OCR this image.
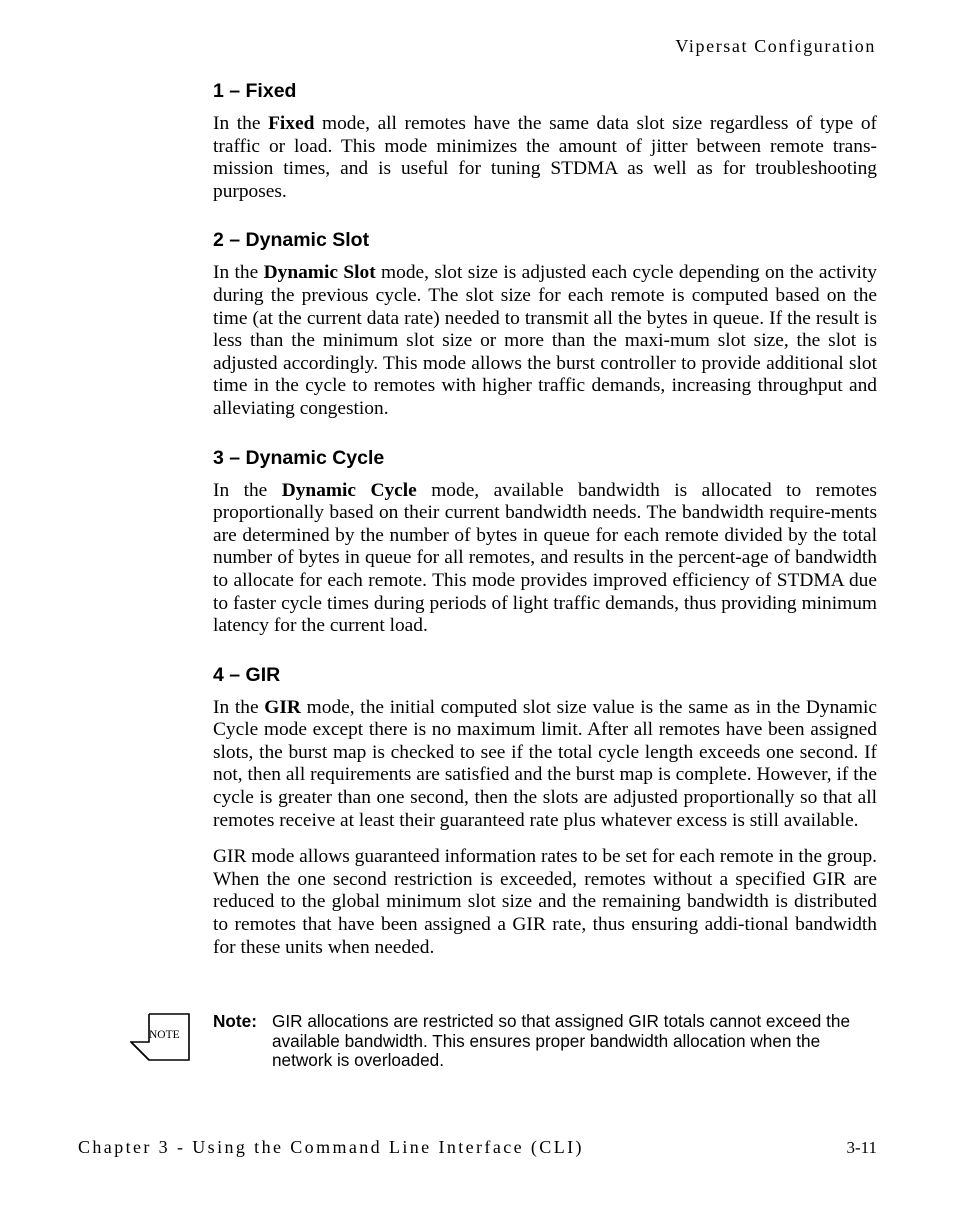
Vipersat Configuration
1 – Fixed

In the Fixed mode, all remotes have the same data slot size regardless of type of traffic or load. This mode minimizes the amount of jitter between remote trans-mission times, and is useful for tuning STDMA as well as for troubleshooting purposes.

2 – Dynamic Slot

In the Dynamic Slot mode, slot size is adjusted each cycle depending on the activity during the previous cycle. The slot size for each remote is computed based on the time (at the current data rate) needed to transmit all the bytes in queue. If the result is less than the minimum slot size or more than the maxi-mum slot size, the slot is adjusted accordingly. This mode allows the burst controller to provide additional slot time in the cycle to remotes with higher traffic demands, increasing throughput and alleviating congestion.

3 – Dynamic Cycle

In the Dynamic Cycle mode, available bandwidth is allocated to remotes proportionally based on their current bandwidth needs. The bandwidth require-ments are determined by the number of bytes in queue for each remote divided by the total number of bytes in queue for all remotes, and results in the percent-age of bandwidth to allocate for each remote. This mode provides improved efficiency of STDMA due to faster cycle times during periods of light traffic demands, thus providing minimum latency for the current load.

4 – GIR

In the GIR mode, the initial computed slot size value is the same as in the Dynamic Cycle mode except there is no maximum limit. After all remotes have been assigned slots, the burst map is checked to see if the total cycle length exceeds one second. If not, then all requirements are satisfied and the burst map is complete. However, if the cycle is greater than one second, then the slots are adjusted proportionally so that all remotes receive at least their guaranteed rate plus whatever excess is still available.

GIR mode allows guaranteed information rates to be set for each remote in the group. When the one second restriction is exceeded, remotes without a specified GIR are reduced to the global minimum slot size and the remaining bandwidth is distributed to remotes that have been assigned a GIR rate, thus ensuring addi-tional bandwidth for these units when needed.

NOTE
Note: GIR allocations are restricted so that assigned GIR totals cannot exceed the available bandwidth. This ensures proper bandwidth allocation when the network is overloaded.
Chapter 3 - Using the Command Line Interface (CLI)	3-11
